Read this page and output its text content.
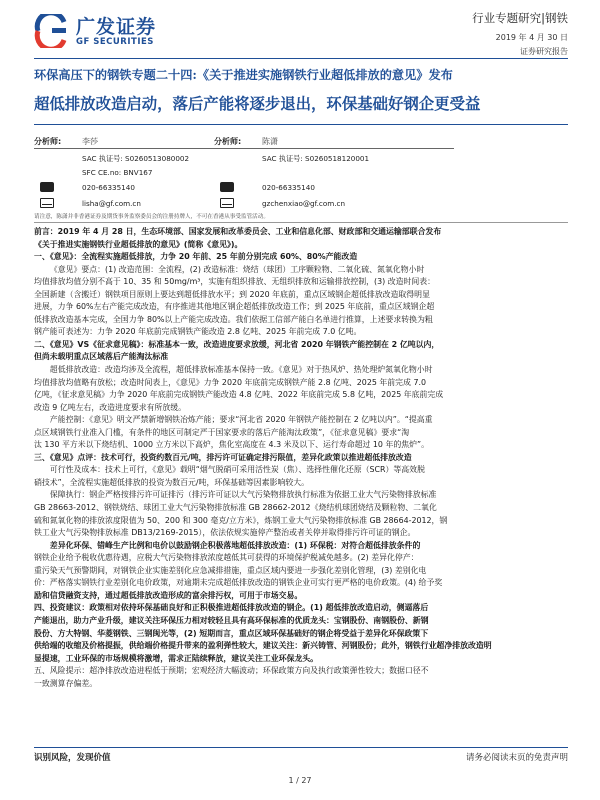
广发证券
GF SECURITIES
行业专题研究|钢铁
2019 年 4 月 30 日
证券研究报告
环保高压下的钢铁专题二十四:《关于推进实施钢铁行业超低排放的意见》发布
超低排放改造启动，落后产能将逐步退出，环保基础好钢企更受益
分析师:	李莎
SAC 执证号: S0260513080002
SFC CE.no: BNV167
020-66335140
lisha@gf.com.cn
分析师:	陈潇
SAC 执证号: S0260518120001
020-66335140
gzchenxiao@gf.com.cn
请注意，陈潇并非香港证券及期货事务监察委员会的注册持牌人，不可在香港从事受监管活动。
前言：2019 年 4 月 28 日，生态环境部、国家发展和改革委员会、工业和信息化部、财政部和交通运输部联合发布
《关于推进实施钢铁行业超低排放的意见》(简称《意见》)。
一、《意见》：全流程实施超低排放，力争 20 年前、25 年前分别完成 60%、80%产能改造
《意见》要点：(1) 改造范围：全流程，(2) 改造标准：烧结（球团）工序颗粒物、二氧化硫、氮氧化物小时
均值排放均值分别不高于 10、35 和 50mg/m³，实施有组织排放、无组织排放和运输排放控制，(3) 改造时间表：
全国新建（含搬迁）钢铁项目原则上要达到超低排放水平；到 2020 年底前，重点区域钢企超低排放改造取得明显
进展，力争 60%左右产能完成改造，有序推进其他地区钢企超低排放改造工作；到 2025 年底前，重点区域钢企超
低排放改造基本完成，全国力争 80%以上产能完成改造。我们依据工信部产能白名单进行推算，上述要求转换为粗
钢产能可表述为：力争 2020 年底前完成钢铁产能改造 2.8 亿吨、2025 年前完成 7.0 亿吨。
二、《意见》VS《征求意见稿》：标准基本一致，改造进度要求放缓，河北省 2020 年钢铁产能控制在 2 亿吨以内，
但尚未载明重点区域落后产能淘汰标准
超低排放改造：改造均涉及全流程，超低排放标准基本保持一致。《意见》对于热风炉、热处理炉氮氧化物小时
均值排放均值略有放松；改造时间表上，《意见》力争 2020 年底前完成钢铁产能 2.8 亿吨、2025 年前完成 7.0
亿吨，《征求意见稿》力争 2020 年底前完成钢铁产能改造 4.8 亿吨、2022 年底前完成 5.8 亿吨，2025 年底前完成
改造 9 亿吨左右，改造进度要求有所放缓。
产能控制：《意见》明文严禁新增钢铁冶炼产能；要求“河北省 2020 年钢铁产能控制在 2 亿吨以内”。“提高重
点区域钢铁行业准入门槛，有条件的地区可制定严于国家要求的落后产能淘汰政策”，《征求意见稿》要求“淘
汰 130 平方米以下烧结机、1000 立方米以下高炉，焦化室高度在 4.3 米及以下、运行寿命超过 10 年的焦炉”。
三、《意见》点评：技术可行，投资约数百元/吨，排污许可证确定排污限值，差异化政策以推进超低排放改造
可行性及成本：技术上可行，《意见》载明“烟气脱硝可采用活性炭（焦）、选择性催化还原（SCR）等高效脱
硝技术”，全流程实施超低排放的投资为数百元/吨，环保基础等因素影响较大。
保障执行：钢企严格按排污许可证排污（排污许可证以大气污染物排放执行标准为依据工业大气污染物排放标准
GB 28663-2012、钢铁烧结、球团工业大气污染物排放标准 GB 28662-2012《烧结机球团烧结及颗粒物、二氧化
硫和氮氧化物的排放浓度限值为 50、200 和 300 毫克/立方米》，炼钢工业大气污染物排放标准 GB 28664-2012，钢
铁工业大气污染物排放标准 DB13/2169-2015），依法依规实施停产整治或者关停并取得排污许可证的钢企。
差异化环保、错峰生产比例和电价以鼓励钢企积极落地超低排放改造：(1) 环保税：对符合超低排放条件的
钢铁企业给予税收优惠待遇，应税大气污染物排放浓度越低其可获得的环境保护税减免越多。(2) 差异化停产：
重污染天气预警期间，对钢铁企业实施差别化应急减排措施，重点区域内要进一步强化差别化管理，(3) 差别化电
价：严格落实钢铁行业差别化电价政策，对逾期未完成超低排放改造的钢铁企业可实行更严格的电价政策。(4) 给予奖
励和信贷融资支持，通过超低排放改造形成的富余排污权，可用于市场交易。
四、投资建议：政策相对依持环保基础良好和正积极推进超低排放改造的钢企。(1) 超低排放改造启动，侧逼落后
产能退出，助力产业升级，建议关注环保压力相对较轻且具有高环保标准的优质龙头：宝钢股份、南钢股份、新钢
股份、方大特钢、华菱钢铁、三钢闽光等，(2) 短期而言，重点区域环保基础好的钢企将受益于差异化环保政策下
供给端的收缩及价格提振，供给端价格提升带来的盈利弹性较大，建议关注：新兴铸管、河钢股份；此外，钢铁行业超净排放改造明
显提速，工业环保的市场规模将激增，需求正陆续释放，建议关注工业环保龙头。
五、风险提示：超净排放改造进程低于预期；宏观经济大幅波动；环保政策方向及执行政策弹性较大；数据口径不
一致测算存偏差。
识别风险，发现价值	请务必阅读末页的免责声明
1 / 27
